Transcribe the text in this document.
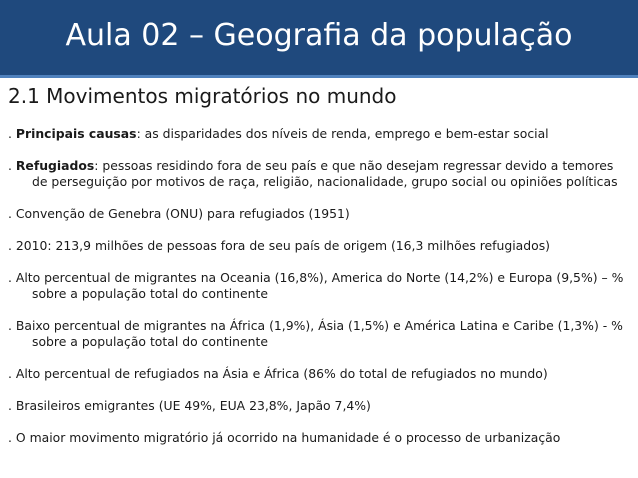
Aula 02 – Geografia da população
2.1 Movimentos migratórios no mundo
. Principais causas: as disparidades dos níveis de renda, emprego e bem-estar social
. Refugiados: pessoas residindo fora de seu país e que não desejam regressar devido a temores de perseguição por motivos de raça, religião, nacionalidade, grupo social ou opiniões políticas
. Convenção de Genebra (ONU) para refugiados (1951)
. 2010: 213,9 milhões de pessoas fora de seu país de origem (16,3 milhões refugiados)
. Alto percentual de migrantes na Oceania (16,8%), America do Norte (14,2%) e Europa (9,5%) – % sobre a população total do continente
. Baixo percentual de migrantes na África (1,9%), Ásia (1,5%) e América Latina e Caribe (1,3%) - % sobre a população total do continente
. Alto percentual de refugiados na Ásia e África (86% do total de refugiados no mundo)
. Brasileiros emigrantes (UE 49%, EUA 23,8%, Japão 7,4%)
. O maior movimento migratório já ocorrido na humanidade é o processo de urbanização
